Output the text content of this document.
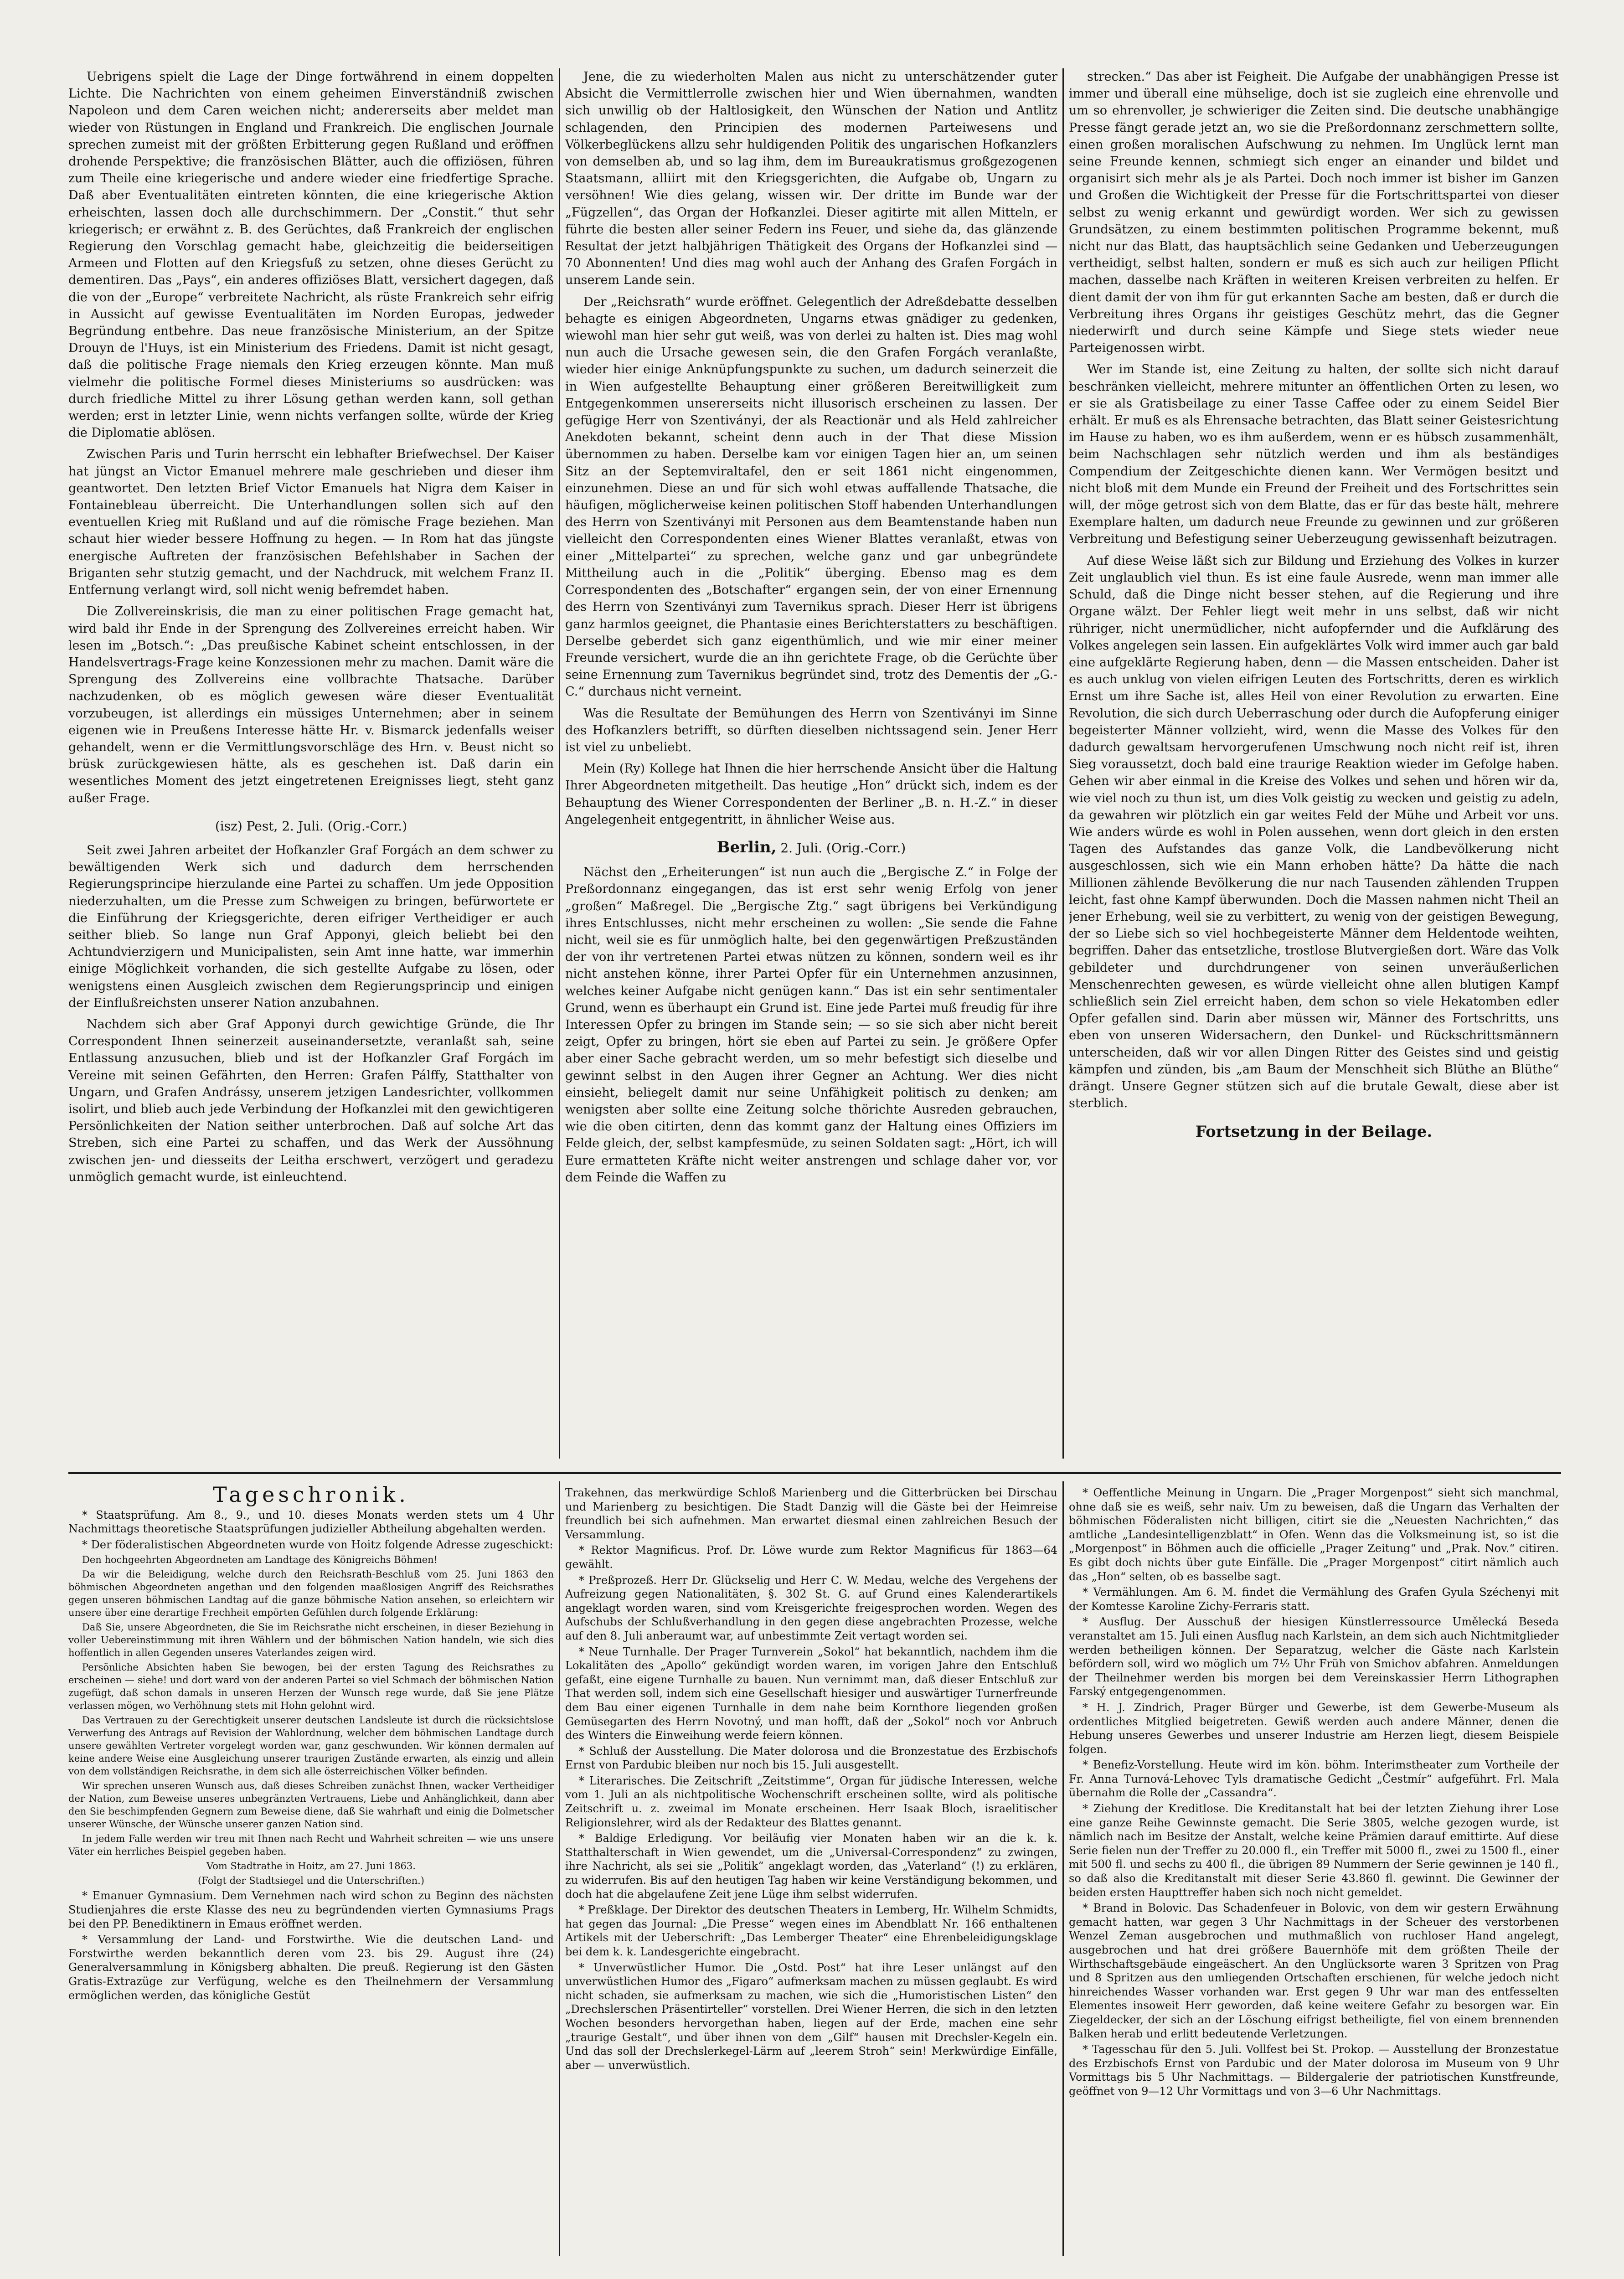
Uebrigens spielt die Lage der Dinge fortwährend in einem doppelten Lichte. Die Nachrichten von einem geheimen Einverständniß zwischen Napoleon und dem Caren weichen nicht; andererseits aber meldet man wieder von Rüstungen in England und Frankreich. Die englischen Journale sprechen zumeist mit der größten Erbitterung gegen Rußland und eröffnen drohende Perspektive; die französischen Blätter, auch die offiziösen, führen zum Theile eine kriegerische und andere wieder eine friedfertige Sprache. Daß aber Eventualitäten eintreten könnten, die eine kriegerische Aktion erheischten, lassen doch alle durchschimmern. Der „Constit.“ thut sehr kriegerisch; er erwähnt z. B. des Gerüchtes, daß Frankreich der englischen Regierung den Vorschlag gemacht habe, gleichzeitig die beiderseitigen Armeen und Flotten auf den Kriegsfuß zu setzen, ohne dieses Gerücht zu dementiren. Das „Pays“, ein anderes offiziöses Blatt, versichert dagegen, daß die von der „Europe“ verbreitete Nachricht, als rüste Frankreich sehr eifrig in Aussicht auf gewisse Eventualitäten im Norden Europas, jedweder Begründung entbehre. Das neue französische Ministerium, an der Spitze Drouyn de l'Huys, ist ein Ministerium des Friedens. Damit ist nicht gesagt, daß die politische Frage niemals den Krieg erzeugen könnte. Man muß vielmehr die politische Formel dieses Ministeriums so ausdrücken: was durch friedliche Mittel zu ihrer Lösung gethan werden kann, soll gethan werden; erst in letzter Linie, wenn nichts verfangen sollte, würde der Krieg die Diplomatie ablösen.

Zwischen Paris und Turin herrscht ein lebhafter Briefwechsel. Der Kaiser hat jüngst an Victor Emanuel mehrere male geschrieben und dieser ihm geantwortet. Den letzten Brief Victor Emanuels hat Nigra dem Kaiser in Fontainebleau überreicht. Die Unterhandlungen sollen sich auf den eventuellen Krieg mit Rußland und auf die römische Frage beziehen. Man schaut hier wieder bessere Hoffnung zu hegen. — In Rom hat das jüngste energische Auftreten der französischen Befehlshaber in Sachen der Briganten sehr stutzig gemacht, und der Nachdruck, mit welchem Franz II. Entfernung verlangt wird, soll nicht wenig befremdet haben.

Die Zollvereinskrisis, die man zu einer politischen Frage gemacht hat, wird bald ihr Ende in der Sprengung des Zollvereines erreicht haben. Wir lesen im „Botsch.“: „Das preußische Kabinet scheint entschlossen, in der Handelsvertrags-Frage keine Konzessionen mehr zu machen. Damit wäre die Sprengung des Zollvereins eine vollbrachte Thatsache. Darüber nachzudenken, ob es möglich gewesen wäre dieser Eventualität vorzubeugen, ist allerdings ein müssiges Unternehmen; aber in seinem eigenen wie in Preußens Interesse hätte Hr. v. Bismarck jedenfalls weiser gehandelt, wenn er die Vermittlungsvorschläge des Hrn. v. Beust nicht so brüsk zurückgewiesen hätte, als es geschehen ist. Daß darin ein wesentliches Moment des jetzt eingetretenen Ereignisses liegt, steht ganz außer Frage.

(isz) Pest, 2. Juli. (Orig.-Corr.)

Seit zwei Jahren arbeitet der Hofkanzler Graf Forgách an dem schwer zu bewältigenden Werk sich und dadurch dem herrschenden Regierungsprincipe hierzulande eine Partei zu schaffen. Um jede Opposition niederzuhalten, um die Presse zum Schweigen zu bringen, befürwortete er die Einführung der Kriegsgerichte, deren eifriger Vertheidiger er auch seither blieb. So lange nun Graf Apponyi, gleich beliebt bei den Achtundvierzigern und Municipalisten, sein Amt inne hatte, war immerhin einige Möglichkeit vorhanden, die sich gestellte Aufgabe zu lösen, oder wenigstens einen Ausgleich zwischen dem Regierungsprincip und einigen der Einflußreichsten unserer Nation anzubahnen.

Nachdem sich aber Graf Apponyi durch gewichtige Gründe, die Ihr Correspondent Ihnen seinerzeit auseinandersetzte, veranlaßt sah, seine Entlassung anzusuchen, blieb und ist der Hofkanzler Graf Forgách im Vereine mit seinen Gefährten, den Herren: Grafen Pálffy, Statthalter von Ungarn, und Grafen Andrássy, unserem jetzigen Landesrichter, vollkommen isolirt, und blieb auch jede Verbindung der Hofkanzlei mit den gewichtigeren Persönlichkeiten der Nation seither unterbrochen. Daß auf solche Art das Streben, sich eine Partei zu schaffen, und das Werk der Aussöhnung zwischen jen- und diesseits der Leitha erschwert, verzögert und geradezu unmöglich gemacht wurde, ist einleuchtend.

Jene, die zu wiederholten Malen aus nicht zu unterschätzender guter Absicht die Vermittlerrolle zwischen hier und Wien übernahmen, wandten sich unwillig ob der Haltlosigkeit, den Wünschen der Nation und Antlitz schlagenden, den Principien des modernen Parteiwesens und Völkerbeglückens allzu sehr huldigenden Politik des ungarischen Hofkanzlers von demselben ab, und so lag ihm, dem im Bureaukratismus großgezogenen Staatsmann, alliirt mit den Kriegsgerichten, die Aufgabe ob, Ungarn zu versöhnen! Wie dies gelang, wissen wir. Der dritte im Bunde war der „Fügzellen“, das Organ der Hofkanzlei. Dieser agitirte mit allen Mitteln, er führte die besten aller seiner Federn ins Feuer, und siehe da, das glänzende Resultat der jetzt halbjährigen Thätigkeit des Organs der Hofkanzlei sind — 70 Abonnenten! Und dies mag wohl auch der Anhang des Grafen Forgách in unserem Lande sein.

Der „Reichsrath“ wurde eröffnet. Gelegentlich der Adreßdebatte desselben behagte es einigen Abgeordneten, Ungarns etwas gnädiger zu gedenken, wiewohl man hier sehr gut weiß, was von derlei zu halten ist. Dies mag wohl nun auch die Ursache gewesen sein, die den Grafen Forgách veranlaßte, wieder hier einige Anknüpfungspunkte zu suchen, um dadurch seinerzeit die in Wien aufgestellte Behauptung einer größeren Bereitwilligkeit zum Entgegenkommen unsererseits nicht illusorisch erscheinen zu lassen. Der gefügige Herr von Szentiványi, der als Reactionär und als Held zahlreicher Anekdoten bekannt, scheint denn auch in der That diese Mission übernommen zu haben. Derselbe kam vor einigen Tagen hier an, um seinen Sitz an der Septemviraltafel, den er seit 1861 nicht eingenommen, einzunehmen. Diese an und für sich wohl etwas auffallende Thatsache, die häufigen, möglicherweise keinen politischen Stoff habenden Unterhandlungen des Herrn von Szentiványi mit Personen aus dem Beamtenstande haben nun vielleicht den Correspondenten eines Wiener Blattes veranlaßt, etwas von einer „Mittelpartei“ zu sprechen, welche ganz und gar unbegründete Mittheilung auch in die „Politik“ überging. Ebenso mag es dem Correspondenten des „Botschafter“ ergangen sein, der von einer Ernennung des Herrn von Szentiványi zum Tavernikus sprach. Dieser Herr ist übrigens ganz harmlos geeignet, die Phantasie eines Berichterstatters zu beschäftigen. Derselbe geberdet sich ganz eigenthümlich, und wie mir einer meiner Freunde versichert, wurde die an ihn gerichtete Frage, ob die Gerüchte über seine Ernennung zum Tavernikus begründet sind, trotz des Dementis der „G.-C.“ durchaus nicht verneint.

Was die Resultate der Bemühungen des Herrn von Szentiványi im Sinne des Hofkanzlers betrifft, so dürften dieselben nichtssagend sein. Jener Herr ist viel zu unbeliebt.

Mein (Ry) Kollege hat Ihnen die hier herrschende Ansicht über die Haltung Ihrer Abgeordneten mitgetheilt. Das heutige „Hon“ drückt sich, indem es der Behauptung des Wiener Correspondenten der Berliner „B. n. H.-Z.“ in dieser Angelegenheit entgegentritt, in ähnlicher Weise aus.

Berlin, 2. Juli. (Orig.-Corr.)

Nächst den „Erheiterungen“ ist nun auch die „Bergische Z.“ in Folge der Preßordonnanz eingegangen, das ist erst sehr wenig Erfolg von jener „großen“ Maßregel. Die „Bergische Ztg.“ sagt übrigens bei Verkündigung ihres Entschlusses, nicht mehr erscheinen zu wollen: „Sie sende die Fahne nicht, weil sie es für unmöglich halte, bei den gegenwärtigen Preßzuständen der von ihr vertretenen Partei etwas nützen zu können, sondern weil es ihr nicht anstehen könne, ihrer Partei Opfer für ein Unternehmen anzusinnen, welches keiner Aufgabe nicht genügen kann.“ Das ist ein sehr sentimentaler Grund, wenn es überhaupt ein Grund ist. Eine jede Partei muß freudig für ihre Interessen Opfer zu bringen im Stande sein; — so sie sich aber nicht bereit zeigt, Opfer zu bringen, hört sie eben auf Partei zu sein. Je größere Opfer aber einer Sache gebracht werden, um so mehr befestigt sich dieselbe und gewinnt selbst in den Augen ihrer Gegner an Achtung. Wer dies nicht einsieht, beliegelt damit nur seine Unfähigkeit politisch zu denken; am wenigsten aber sollte eine Zeitung solche thörichte Ausreden gebrauchen, wie die oben citirten, denn das kommt ganz der Haltung eines Offiziers im Felde gleich, der, selbst kampfesmüde, zu seinen Soldaten sagt: „Hört, ich will Eure ermatteten Kräfte nicht weiter anstrengen und schlage daher vor, vor dem Feinde die Waffen zu

strecken.“ Das aber ist Feigheit. Die Aufgabe der unabhängigen Presse ist immer und überall eine mühselige, doch ist sie zugleich eine ehrenvolle und um so ehrenvoller, je schwieriger die Zeiten sind. Die deutsche unabhängige Presse fängt gerade jetzt an, wo sie die Preßordonnanz zerschmettern sollte, einen großen moralischen Aufschwung zu nehmen. Im Unglück lernt man seine Freunde kennen, schmiegt sich enger an einander und bildet und organisirt sich mehr als je als Partei. Doch noch immer ist bisher im Ganzen und Großen die Wichtigkeit der Presse für die Fortschrittspartei von dieser selbst zu wenig erkannt und gewürdigt worden. Wer sich zu gewissen Grundsätzen, zu einem bestimmten politischen Programme bekennt, muß nicht nur das Blatt, das hauptsächlich seine Gedanken und Ueberzeugungen vertheidigt, selbst halten, sondern er muß es sich auch zur heiligen Pflicht machen, dasselbe nach Kräften in weiteren Kreisen verbreiten zu helfen. Er dient damit der von ihm für gut erkannten Sache am besten, daß er durch die Verbreitung ihres Organs ihr geistiges Geschütz mehrt, das die Gegner niederwirft und durch seine Kämpfe und Siege stets wieder neue Parteigenossen wirbt.

Wer im Stande ist, eine Zeitung zu halten, der sollte sich nicht darauf beschränken vielleicht, mehrere mitunter an öffentlichen Orten zu lesen, wo er sie als Gratisbeilage zu einer Tasse Caffee oder zu einem Seidel Bier erhält. Er muß es als Ehrensache betrachten, das Blatt seiner Geistesrichtung im Hause zu haben, wo es ihm außerdem, wenn er es hübsch zusammenhält, beim Nachschlagen sehr nützlich werden und ihm als beständiges Compendium der Zeitgeschichte dienen kann. Wer Vermögen besitzt und nicht bloß mit dem Munde ein Freund der Freiheit und des Fortschrittes sein will, der möge getrost sich von dem Blatte, das er für das beste hält, mehrere Exemplare halten, um dadurch neue Freunde zu gewinnen und zur größeren Verbreitung und Befestigung seiner Ueberzeugung gewissenhaft beizutragen.

Auf diese Weise läßt sich zur Bildung und Erziehung des Volkes in kurzer Zeit unglaublich viel thun. Es ist eine faule Ausrede, wenn man immer alle Schuld, daß die Dinge nicht besser stehen, auf die Regierung und ihre Organe wälzt. Der Fehler liegt weit mehr in uns selbst, daß wir nicht rühriger, nicht unermüdlicher, nicht aufopfernder und die Aufklärung des Volkes angelegen sein lassen. Ein aufgeklärtes Volk wird immer auch gar bald eine aufgeklärte Regierung haben, denn — die Massen entscheiden. Daher ist es auch unklug von vielen eifrigen Leuten des Fortschritts, deren es wirklich Ernst um ihre Sache ist, alles Heil von einer Revolution zu erwarten. Eine Revolution, die sich durch Ueberraschung oder durch die Aufopferung einiger begeisterter Männer vollzieht, wird, wenn die Masse des Volkes für den dadurch gewaltsam hervorgerufenen Umschwung noch nicht reif ist, ihren Sieg voraussetzt, doch bald eine traurige Reaktion wieder im Gefolge haben. Gehen wir aber einmal in die Kreise des Volkes und sehen und hören wir da, wie viel noch zu thun ist, um dies Volk geistig zu wecken und geistig zu adeln, da gewahren wir plötzlich ein gar weites Feld der Mühe und Arbeit vor uns. Wie anders würde es wohl in Polen aussehen, wenn dort gleich in den ersten Tagen des Aufstandes das ganze Volk, die Landbevölkerung nicht ausgeschlossen, sich wie ein Mann erhoben hätte? Da hätte die nach Millionen zählende Bevölkerung die nur nach Tausenden zählenden Truppen leicht, fast ohne Kampf überwunden. Doch die Massen nahmen nicht Theil an jener Erhebung, weil sie zu verbittert, zu wenig von der geistigen Bewegung, der so Liebe sich so viel hochbegeisterte Männer dem Heldentode weihten, begriffen. Daher das entsetzliche, trostlose Blutvergießen dort. Wäre das Volk gebildeter und durchdrungener von seinen unveräußerlichen Menschenrechten gewesen, es würde vielleicht ohne allen blutigen Kampf schließlich sein Ziel erreicht haben, dem schon so viele Hekatomben edler Opfer gefallen sind. Darin aber müssen wir, Männer des Fortschritts, uns eben von unseren Widersachern, den Dunkel- und Rückschrittsmännern unterscheiden, daß wir vor allen Dingen Ritter des Geistes sind und geistig kämpfen und zünden, bis „am Baum der Menschheit sich Blüthe an Blüthe“ drängt. Unsere Gegner stützen sich auf die brutale Gewalt, diese aber ist sterblich.

Fortsetzung in der Beilage.
Tageschronik.

* Staatsprüfung. Am 8., 9., und 10. dieses Monats werden stets um 4 Uhr Nachmittags theoretische Staatsprüfungen judizieller Abtheilung abgehalten werden.

* Der föderalistischen Abgeordneten wurde von Hoitz folgende Adresse zugeschickt:

Den hochgeehrten Abgeordneten am Landtage des Königreichs Böhmen!

Da wir die Beleidigung, welche durch den Reichsrath-Beschluß vom 25. Juni 1863 den böhmischen Abgeordneten angethan und den folgenden maaßlosigen Angriff des Reichsrathes gegen unseren böhmischen Landtag auf die ganze böhmische Nation ansehen, so erleichtern wir unsere über eine derartige Frechheit empörten Gefühlen durch folgende Erklärung:

Daß Sie, unsere Abgeordneten, die Sie im Reichsrathe nicht erscheinen, in dieser Beziehung in voller Uebereinstimmung mit ihren Wählern und der böhmischen Nation handeln, wie sich dies hoffentlich in allen Gegenden unseres Vaterlandes zeigen wird.

Persönliche Absichten haben Sie bewogen, bei der ersten Tagung des Reichsrathes zu erscheinen — siehe! und dort ward von der anderen Partei so viel Schmach der böhmischen Nation zugefügt, daß schon damals in unseren Herzen der Wunsch rege wurde, daß Sie jene Plätze verlassen mögen, wo Verhöhnung stets mit Hohn gelohnt wird.

Das Vertrauen zu der Gerechtigkeit unserer deutschen Landsleute ist durch die rücksichtslose Verwerfung des Antrags auf Revision der Wahlordnung, welcher dem böhmischen Landtage durch unsere gewählten Vertreter vorgelegt worden war, ganz geschwunden. Wir können dermalen auf keine andere Weise eine Ausgleichung unserer traurigen Zustände erwarten, als einzig und allein von dem vollständigen Reichsrathe, in dem sich alle österreichischen Völker befinden.

Wir sprechen unseren Wunsch aus, daß dieses Schreiben zunächst Ihnen, wacker Vertheidiger der Nation, zum Beweise unseres unbegränzten Vertrauens, Liebe und Anhänglichkeit, dann aber den Sie beschimpfenden Gegnern zum Beweise diene, daß Sie wahrhaft und einig die Dolmetscher unserer Wünsche, der Wünsche unserer ganzen Nation sind.

In jedem Falle werden wir treu mit Ihnen nach Recht und Wahrheit schreiten — wie uns unsere Väter ein herrliches Beispiel gegeben haben.

Vom Stadtrathe in Hoitz, am 27. Juni 1863.

(Folgt der Stadtsiegel und die Unterschriften.)

* Emanuer Gymnasium. Dem Vernehmen nach wird schon zu Beginn des nächsten Studienjahres die erste Klasse des neu zu begründenden vierten Gymnasiums Prags bei den PP. Benediktinern in Emaus eröffnet werden.

* Versammlung der Land- und Forstwirthe. Wie die deutschen Land- und Forstwirthe werden bekanntlich deren vom 23. bis 29. August ihre (24) Generalversammlung in Königsberg abhalten. Die preuß. Regierung ist den Gästen Gratis-Extrazüge zur Verfügung, welche es den Theilnehmern der Versammlung ermöglichen werden, das königliche Gestüt

Trakehnen, das merkwürdige Schloß Marienberg und die Gitterbrücken bei Dirschau und Marienberg zu besichtigen. Die Stadt Danzig will die Gäste bei der Heimreise freundlich bei sich aufnehmen. Man erwartet diesmal einen zahlreichen Besuch der Versammlung.

* Rektor Magnificus. Prof. Dr. Löwe wurde zum Rektor Magnificus für 1863—64 gewählt.

* Preßprozeß. Herr Dr. Glückselig und Herr C. W. Medau, welche des Vergehens der Aufreizung gegen Nationalitäten, §. 302 St. G. auf Grund eines Kalenderartikels angeklagt worden waren, sind vom Kreisgerichte freigesprochen worden. Wegen des Aufschubs der Schlußverhandlung in den gegen diese angebrachten Prozesse, welche auf den 8. Juli anberaumt war, auf unbestimmte Zeit vertagt worden sei.

* Neue Turnhalle. Der Prager Turnverein „Sokol“ hat bekanntlich, nachdem ihm die Lokalitäten des „Apollo“ gekündigt worden waren, im vorigen Jahre den Entschluß gefaßt, eine eigene Turnhalle zu bauen. Nun vernimmt man, daß dieser Entschluß zur That werden soll, indem sich eine Gesellschaft hiesiger und auswärtiger Turnerfreunde dem Bau einer eigenen Turnhalle in dem nahe beim Kornthore liegenden großen Gemüsegarten des Herrn Novotný, und man hofft, daß der „Sokol“ noch vor Anbruch des Winters die Einweihung werde feiern können.

* Schluß der Ausstellung. Die Mater dolorosa und die Bronzestatue des Erzbischofs Ernst von Pardubic bleiben nur noch bis 15. Juli ausgestellt.

* Literarisches. Die Zeitschrift „Zeitstimme“, Organ für jüdische Interessen, welche vom 1. Juli an als nichtpolitische Wochenschrift erscheinen sollte, wird als politische Zeitschrift u. z. zweimal im Monate erscheinen. Herr Isaak Bloch, israelitischer Religionslehrer, wird als der Redakteur des Blattes genannt.

* Baldige Erledigung. Vor beiläufig vier Monaten haben wir an die k. k. Statthalterschaft in Wien gewendet, um die „Universal-Correspondenz“ zu zwingen, ihre Nachricht, als sei sie „Politik“ angeklagt worden, das „Vaterland“ (!) zu erklären, zu widerrufen. Bis auf den heutigen Tag haben wir keine Verständigung bekommen, und doch hat die abgelaufene Zeit jene Lüge ihm selbst widerrufen.

* Preßklage. Der Direktor des deutschen Theaters in Lemberg, Hr. Wilhelm Schmidts, hat gegen das Journal: „Die Presse“ wegen eines im Abendblatt Nr. 166 enthaltenen Artikels mit der Ueberschrift: „Das Lemberger Theater“ eine Ehrenbeleidigungsklage bei dem k. k. Landesgerichte eingebracht.

* Unverwüstlicher Humor. Die „Ostd. Post“ hat ihre Leser unlängst auf den unverwüstlichen Humor des „Figaro“ aufmerksam machen zu müssen geglaubt. Es wird nicht schaden, sie aufmerksam zu machen, wie sich die „Humoristischen Listen“ den „Drechslerschen Präsentirteller“ vorstellen. Drei Wiener Herren, die sich in den letzten Wochen besonders hervorgethan haben, liegen auf der Erde, machen eine sehr „traurige Gestalt“, und über ihnen von dem „Gilf“ hausen mit Drechsler-Kegeln ein. Und das soll der Drechslerkegel-Lärm auf „leerem Stroh“ sein! Merkwürdige Einfälle, aber — unverwüstlich.

* Oeffentliche Meinung in Ungarn. Die „Prager Morgenpost“ sieht sich manchmal, ohne daß sie es weiß, sehr naiv. Um zu beweisen, daß die Ungarn das Verhalten der böhmischen Föderalisten nicht billigen, citirt sie die „Neuesten Nachrichten,“ das amtliche „Landesintelligenzblatt“ in Ofen. Wenn das die Volksmeinung ist, so ist die „Morgenpost“ in Böhmen auch die officielle „Prager Zeitung“ und „Prak. Nov.“ citiren. Es gibt doch nichts über gute Einfälle. Die „Prager Morgenpost“ citirt nämlich auch das „Hon“ selten, ob es basselbe sagt.

* Vermählungen. Am 6. M. findet die Vermählung des Grafen Gyula Széchenyi mit der Komtesse Karoline Zichy-Ferraris statt.

* Ausflug. Der Ausschuß der hiesigen Künstlerressource Umělecká Beseda veranstaltet am 15. Juli einen Ausflug nach Karlstein, an dem sich auch Nichtmitglieder werden betheiligen können. Der Separatzug, welcher die Gäste nach Karlstein befördern soll, wird wo möglich um 7½ Uhr Früh von Smichov abfahren. Anmeldungen der Theilnehmer werden bis morgen bei dem Vereinskassier Herrn Lithographen Farský entgegengenommen.

* H. J. Zindrich, Prager Bürger und Gewerbe, ist dem Gewerbe-Museum als ordentliches Mitglied beigetreten. Gewiß werden auch andere Männer, denen die Hebung unseres Gewerbes und unserer Industrie am Herzen liegt, diesem Beispiele folgen.

* Benefiz-Vorstellung. Heute wird im kön. böhm. Interimstheater zum Vortheile der Fr. Anna Turnová-Lehovec Tyls dramatische Gedicht „Čestmír“ aufgeführt. Frl. Mala übernahm die Rolle der „Cassandra“.

* Ziehung der Kreditlose. Die Kreditanstalt hat bei der letzten Ziehung ihrer Lose eine ganze Reihe Gewinnste gemacht. Die Serie 3805, welche gezogen wurde, ist nämlich nach im Besitze der Anstalt, welche keine Prämien darauf emittirte. Auf diese Serie fielen nun der Treffer zu 20.000 fl., ein Treffer mit 5000 fl., zwei zu 1500 fl., einer mit 500 fl. und sechs zu 400 fl., die übrigen 89 Nummern der Serie gewinnen je 140 fl., so daß also die Kreditanstalt mit dieser Serie 43.860 fl. gewinnt. Die Gewinner der beiden ersten Haupttreffer haben sich noch nicht gemeldet.

* Brand in Bolovic. Das Schadenfeuer in Bolovic, von dem wir gestern Erwähnung gemacht hatten, war gegen 3 Uhr Nachmittags in der Scheuer des verstorbenen Wenzel Zeman ausgebrochen und muthmaßlich von ruchloser Hand angelegt, ausgebrochen und hat drei größere Bauernhöfe mit dem größten Theile der Wirthschaftsgebäude eingeäschert. An den Unglücksorte waren 3 Spritzen von Prag und 8 Spritzen aus den umliegenden Ortschaften erschienen, für welche jedoch nicht hinreichendes Wasser vorhanden war. Erst gegen 9 Uhr war man des entfesselten Elementes insoweit Herr geworden, daß keine weitere Gefahr zu besorgen war. Ein Ziegeldecker, der sich an der Löschung eifrigst betheiligte, fiel von einem brennenden Balken herab und erlitt bedeutende Verletzungen.

* Tagesschau für den 5. Juli. Vollfest bei St. Prokop. — Ausstellung der Bronzestatue des Erzbischofs Ernst von Pardubic und der Mater dolorosa im Museum von 9 Uhr Vormittags bis 5 Uhr Nachmittags. — Bildergalerie der patriotischen Kunstfreunde, geöffnet von 9—12 Uhr Vormittags und von 3—6 Uhr Nachmittags.
